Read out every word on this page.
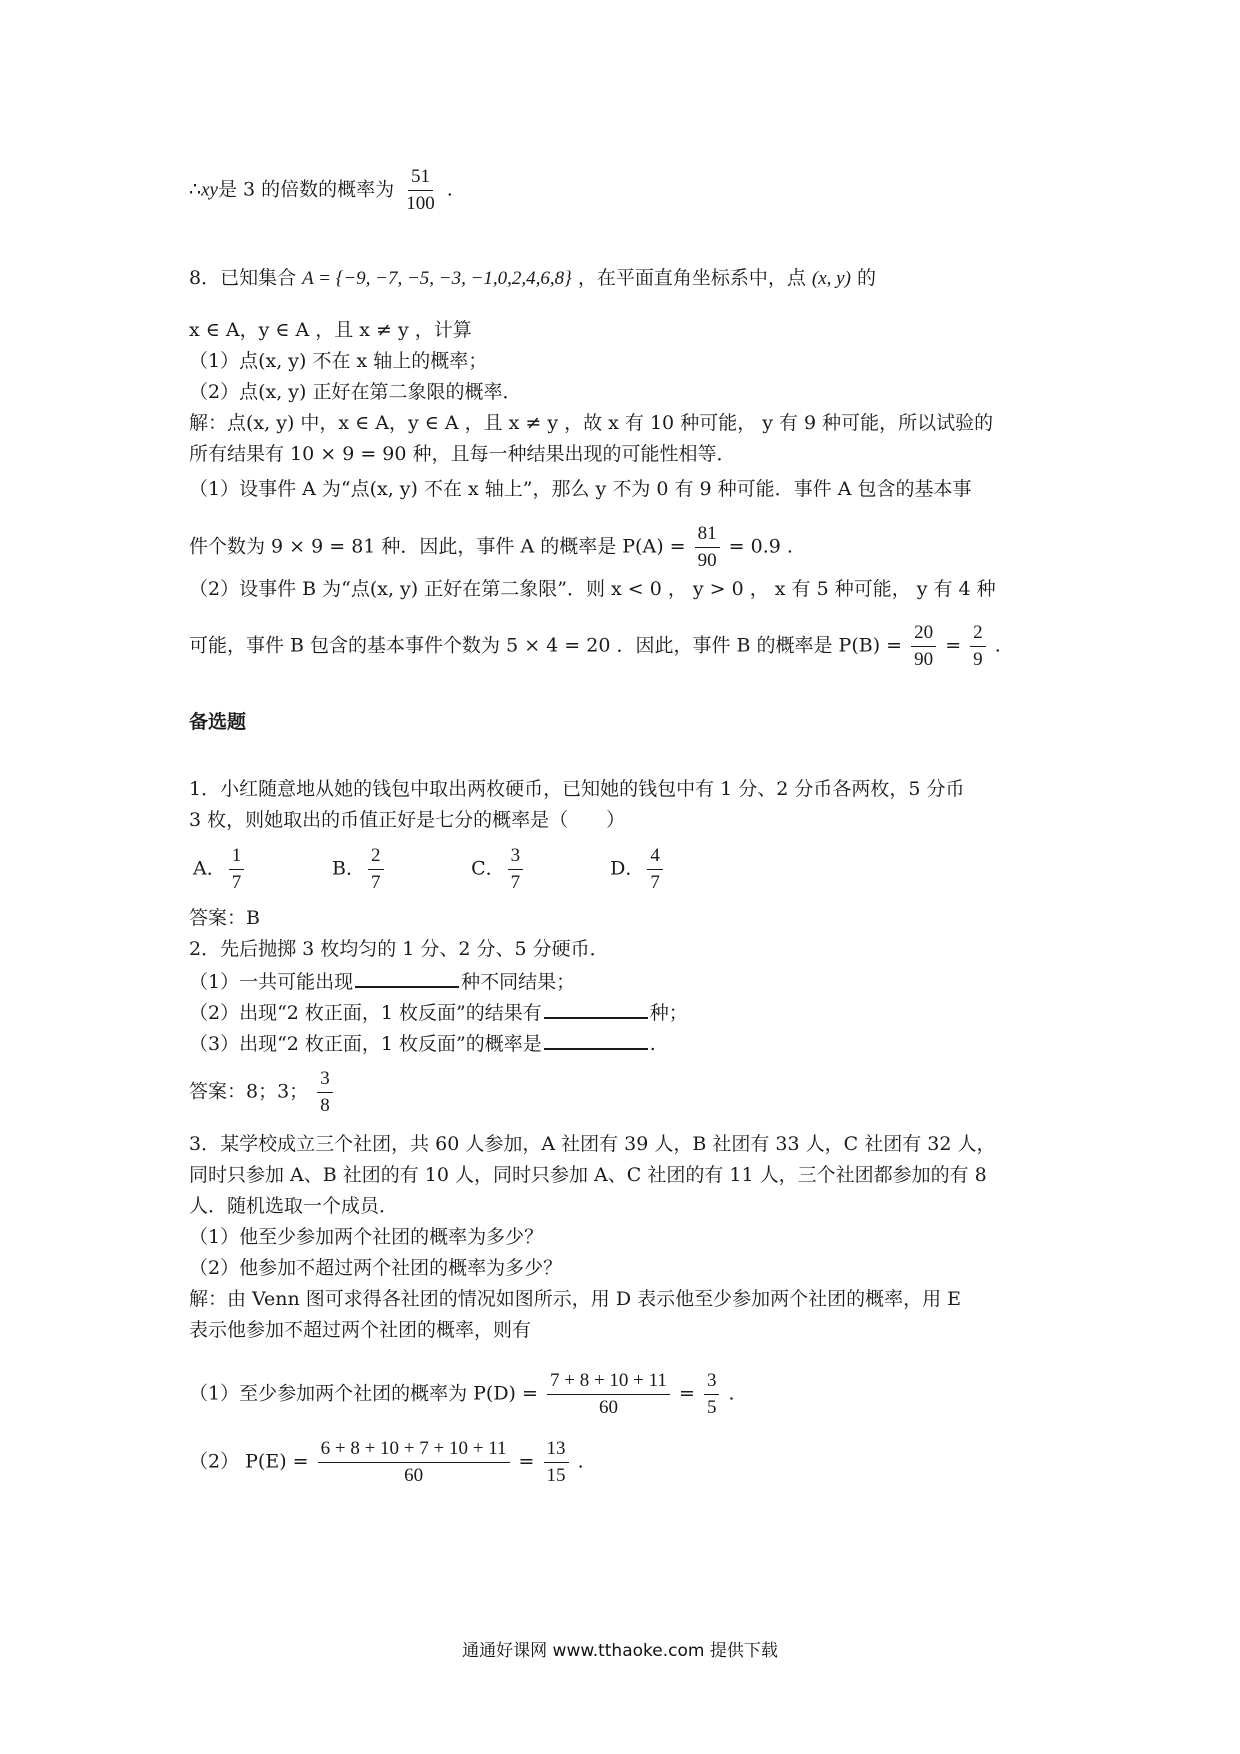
∴xy是 3 的倍数的概率为 $\frac{51}{100}$ .
8．已知集合 A = {−9, −7, −5, −3, −1,0,2,4,6,8} ，在平面直角坐标系中，点 (x, y) 的
x ∈ A，y ∈ A ，且 x ≠ y ，计算
（1）点(x, y) 不在 x 轴上的概率；
（2）点(x, y) 正好在第二象限的概率．
解：点(x, y) 中，x ∈ A，y ∈ A ，且 x ≠ y ，故 x 有 10 种可能， y 有 9 种可能，所以试验的
所有结果有 10 × 9 = 90 种，且每一种结果出现的可能性相等．
（1）设事件 A 为“点(x, y) 不在 x 轴上”，那么 y 不为 0 有 9 种可能．事件 A 包含的基本事
件个数为 9 × 9 = 81 种．因此，事件 A 的概率是 $P(A) = \frac{81}{90} = 0.9$ .
（2）设事件 B 为“点(x, y) 正好在第二象限”．则 x < 0 ， y > 0 ， x 有 5 种可能， y 有 4 种
可能，事件 B 包含的基本事件个数为 5 × 4 = 20 ．因此，事件 B 的概率是 $P(B) = \frac{20}{90} = \frac{2}{9}$ .
备选题
1．小红随意地从她的钱包中取出两枚硬币，已知她的钱包中有 1 分、2 分币各两枚，5 分币
3 枚，则她取出的币值正好是七分的概率是（　　）
A． $\frac{1}{7}$	B． $\frac{2}{7}$	C． $\frac{3}{7}$	D． $\frac{4}{7}$
答案：B
2．先后抛掷 3 枚均匀的 1 分、2 分、5 分硬币．
（1）一共可能出现	种不同结果；
（2）出现“2 枚正面，1 枚反面”的结果有	种；
（3）出现“2 枚正面，1 枚反面”的概率是	.
答案：8；3； $\frac{3}{8}$
3．某学校成立三个社团，共 60 人参加，A 社团有 39 人，B 社团有 33 人，C 社团有 32 人，
同时只参加 A、B 社团的有 10 人，同时只参加 A、C 社团的有 11 人，三个社团都参加的有 8
人．随机选取一个成员．
（1）他至少参加两个社团的概率为多少？
（2）他参加不超过两个社团的概率为多少？
解：由 Venn 图可求得各社团的情况如图所示，用 D 表示他至少参加两个社团的概率，用 E
表示他参加不超过两个社团的概率，则有
（1）至少参加两个社团的概率为 $P(D) = \frac{7 + 8 + 10 + 11}{60} = \frac{3}{5}$ .
（2） $P(E) = \frac{6 + 8 + 10 + 7 + 10 + 11}{60} = \frac{13}{15}$ .
通通好课网 www.tthaoke.com 提供下载
